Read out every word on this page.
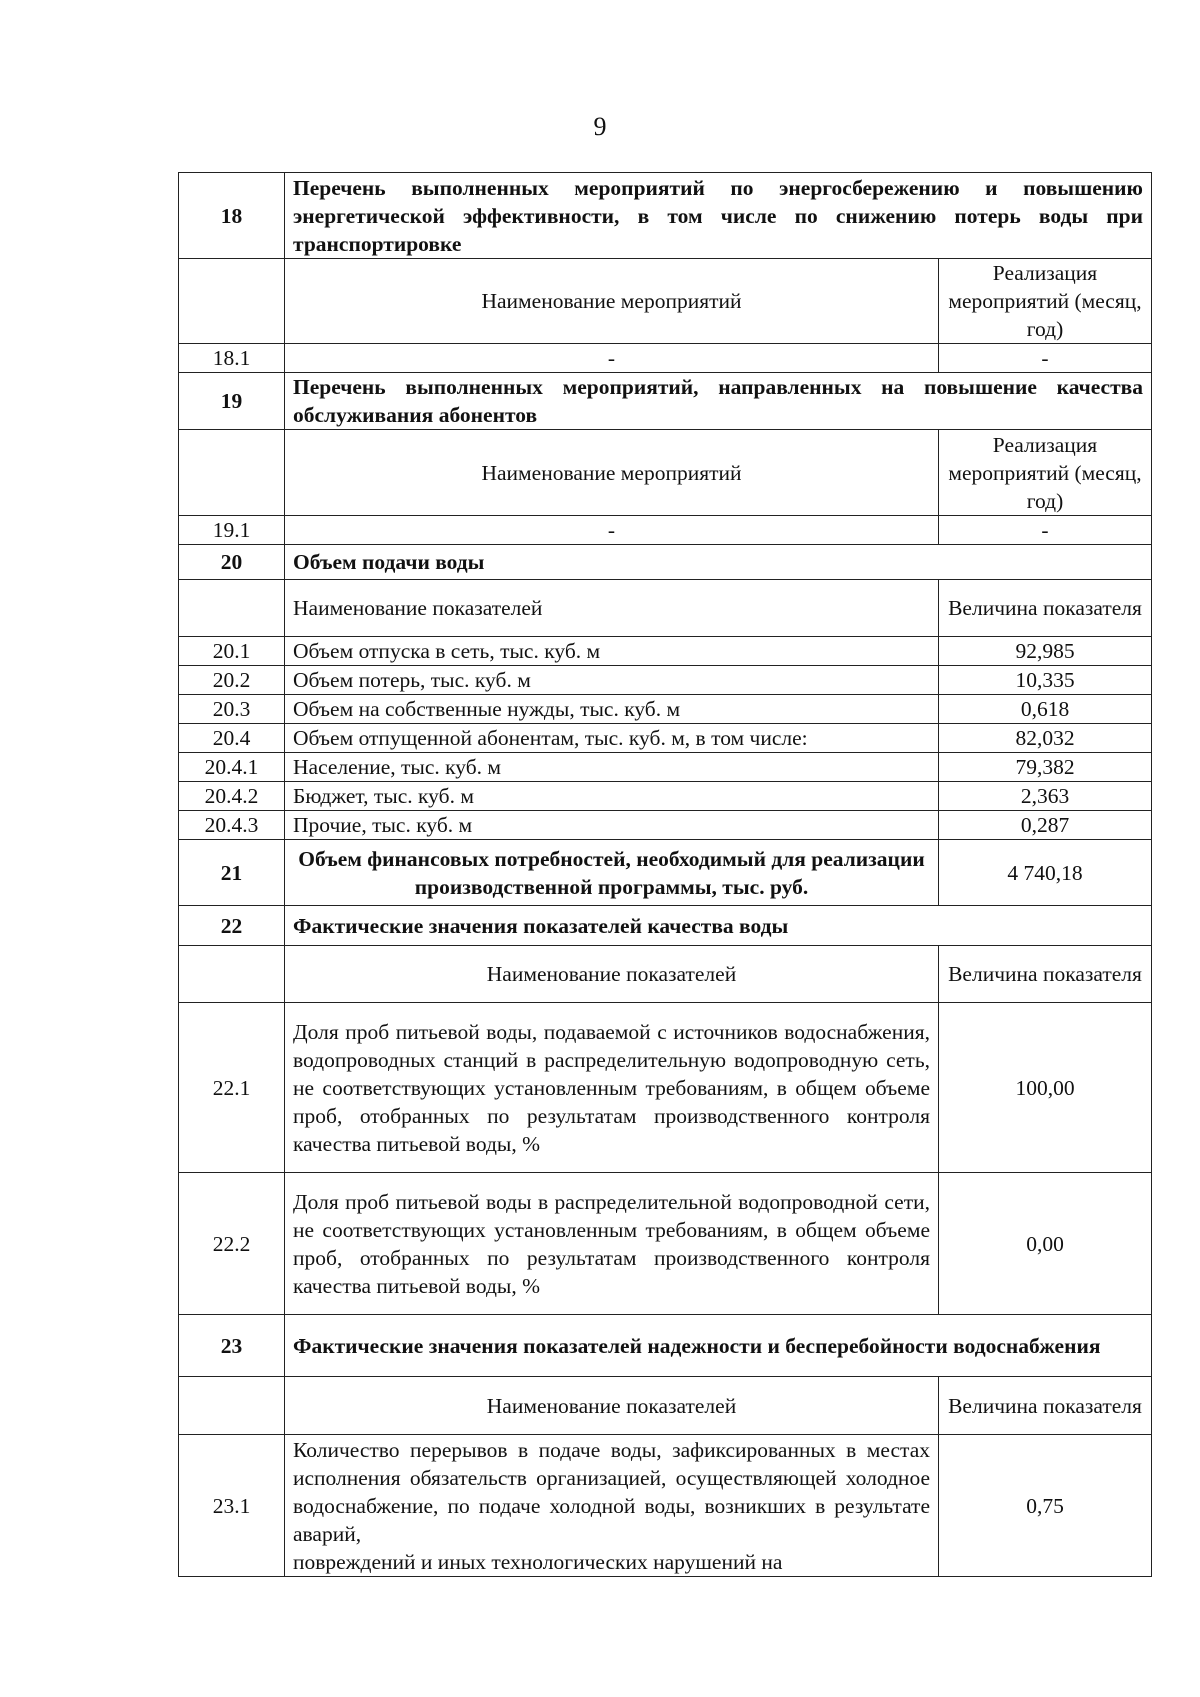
9
18	Перечень выполненных мероприятий по энергосбережению и повышению энергетической эффективности, в том числе по снижению потерь воды при транспортировке	
	Наименование мероприятий	Реализация мероприятий (месяц, год)
18.1	-	-
19	Перечень выполненных мероприятий, направленных на повышение качества обслуживания абонентов	
	Наименование мероприятий	Реализация мероприятий (месяц, год)
19.1	-	-
20	Объем подачи воды	
	Наименование показателей	Величина показателя
20.1	Объем отпуска в сеть, тыс. куб. м	92,985
20.2	Объем потерь, тыс. куб. м	10,335
20.3	Объем на собственные нужды, тыс. куб. м	0,618
20.4	Объем отпущенной абонентам, тыс. куб. м, в том числе:	82,032
20.4.1	Население, тыс. куб. м	79,382
20.4.2	Бюджет, тыс. куб. м	2,363
20.4.3	Прочие, тыс. куб. м	0,287
21	Объем финансовых потребностей, необходимый для реализации производственной программы, тыс. руб.	4 740,18
22	Фактические значения показателей качества воды	
	Наименование показателей	Величина показателя
22.1	Доля проб питьевой воды, подаваемой с источников водоснабжения, водопроводных станций в распределительную водопроводную сеть, не соответствующих установленным требованиям, в общем объеме проб, отобранных по результатам производственного контроля качества питьевой воды, %	100,00
22.2	Доля проб питьевой воды в распределительной водопроводной сети, не соответствующих установленным требованиям, в общем объеме проб, отобранных по результатам производственного контроля качества питьевой воды, %	0,00
23	Фактические значения показателей надежности и бесперебойности водоснабжения	
	Наименование показателей	Величина показателя
23.1	Количество перерывов в подаче воды, зафиксированных в местах исполнения обязательств организацией, осуществляющей холодное водоснабжение, по подаче холодной воды, возникших в результате аварий,
повреждений и иных технологических нарушений на	0,75
